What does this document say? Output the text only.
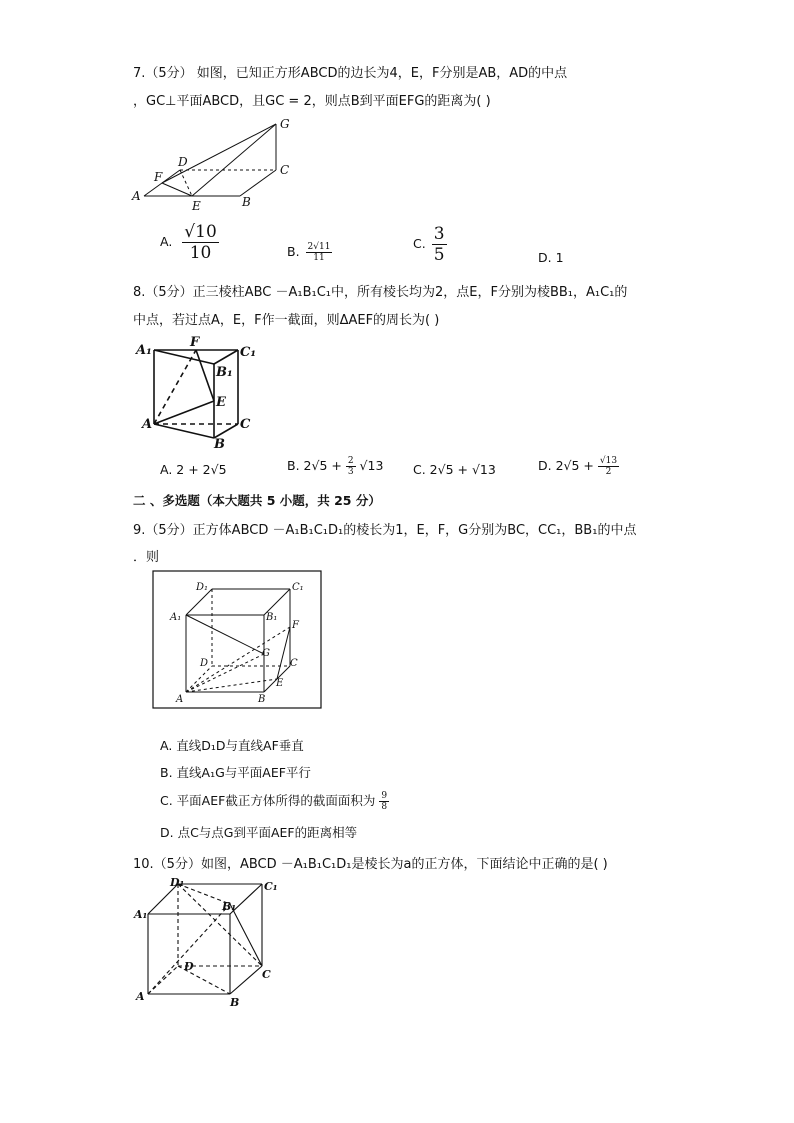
7.（5分） 如图，已知正方形ABCD的边长为4，E，F分别是AB，AD的中点
，GC⊥平面ABCD，且GC = 2，则点B到平面EFG的距离为( )
A	B
C
D
E
F
G
A. $\frac{√10}{10}$	B. $\frac{2√11}{11}$	C. $\frac{3}{5}$	D. 1
8.（5分）正三棱柱ABC －A₁B₁C₁中，所有棱长均为2，点E，F分别为棱BB₁，A₁C₁的
中点，若过点A，E，F作一截面，则ΔAEF的周长为( )
A₁
F
C₁
B₁
E
A	C
B
A. 2 + 2√5	B. $2√5 + \frac{2}{3} √13$ C. 2√5 + √13	D. $2√5 + \frac{√13}{2}$
二 、多选题（本大题共 5 小题，共 25 分）
9.（5分）正方体ABCD －A₁B₁C₁D₁的棱长为1，E，F，G分别为BC，CC₁，BB₁的中点
．则
D₁	C₁
A₁	B₁
F
G
D	C
E
A	B
A. 直线D₁D与直线AF垂直
B. 直线A₁G与平面AEF平行
C. 平面AEF截正方体所得的截面面积为 $\frac{9}{8}$
D. 点C与点G到平面AEF的距离相等
10.（5分）如图，ABCD －A₁B₁C₁D₁是棱长为a的正方体，下面结论中正确的是( )
D₁	C₁
A₁
B₁
D
C
A	B
